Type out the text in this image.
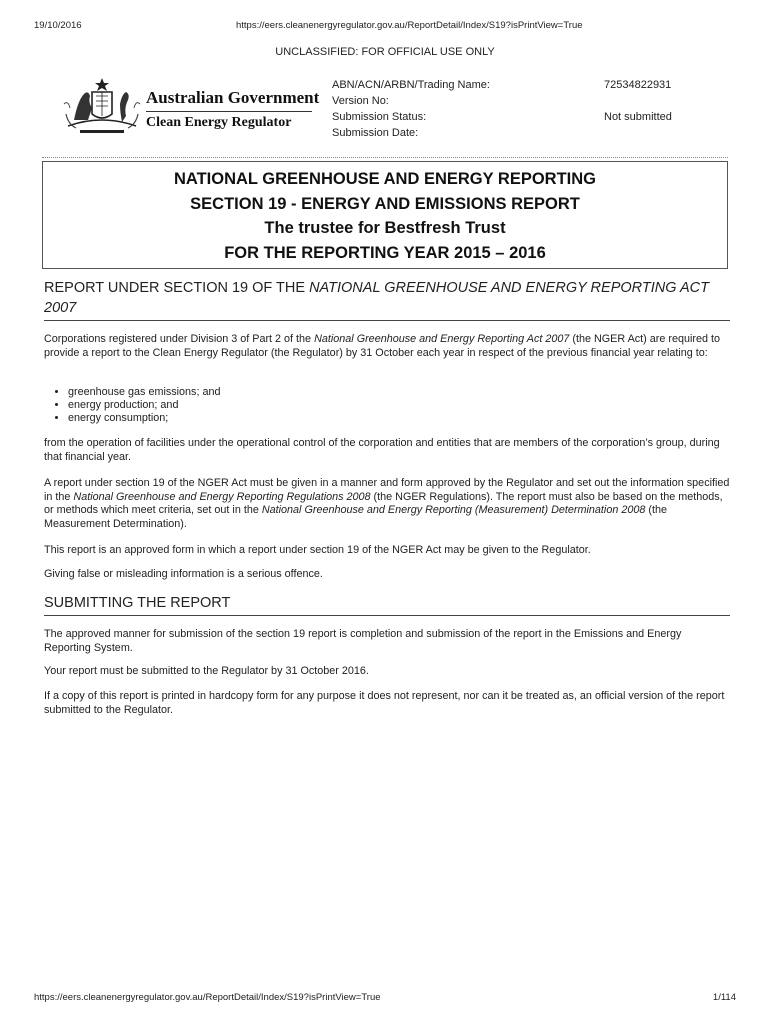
19/10/2016	https://eers.cleanenergyregulator.gov.au/ReportDetail/Index/S19?isPrintView=True
UNCLASSIFIED: FOR OFFICIAL USE ONLY
Australian Government
Clean Energy Regulator
ABN/ACN/ARBN/Trading Name:	72534822931
Version No:
Submission Status:	Not submitted
Submission Date:
NATIONAL GREENHOUSE AND ENERGY REPORTING
SECTION 19 - ENERGY AND EMISSIONS REPORT
The trustee for Bestfresh Trust
FOR THE REPORTING YEAR 2015 – 2016
REPORT UNDER SECTION 19 OF THE NATIONAL GREENHOUSE AND ENERGY REPORTING ACT 2007

Corporations registered under Division 3 of Part 2 of the National Greenhouse and Energy Reporting Act 2007 (the NGER Act) are required to provide a report to the Clean Energy Regulator (the Regulator) by 31 October each year in respect of the previous financial year relating to:

• greenhouse gas emissions; and
• energy production; and
• energy consumption;

from the operation of facilities under the operational control of the corporation and entities that are members of the corporation’s group, during that financial year.

A report under section 19 of the NGER Act must be given in a manner and form approved by the Regulator and set out the information specified in the National Greenhouse and Energy Reporting Regulations 2008 (the NGER Regulations). The report must also be based on the methods, or methods which meet criteria, set out in the National Greenhouse and Energy Reporting (Measurement) Determination 2008 (the Measurement Determination).

This report is an approved form in which a report under section 19 of the NGER Act may be given to the Regulator.

Giving false or misleading information is a serious offence.

SUBMITTING THE REPORT

The approved manner for submission of the section 19 report is completion and submission of the report in the Emissions and Energy Reporting System.

Your report must be submitted to the Regulator by 31 October 2016.

If a copy of this report is printed in hardcopy form for any purpose it does not represent, nor can it be treated as, an official version of the report submitted to the Regulator.

https://eers.cleanenergyregulator.gov.au/ReportDetail/Index/S19?isPrintView=True	1/114
